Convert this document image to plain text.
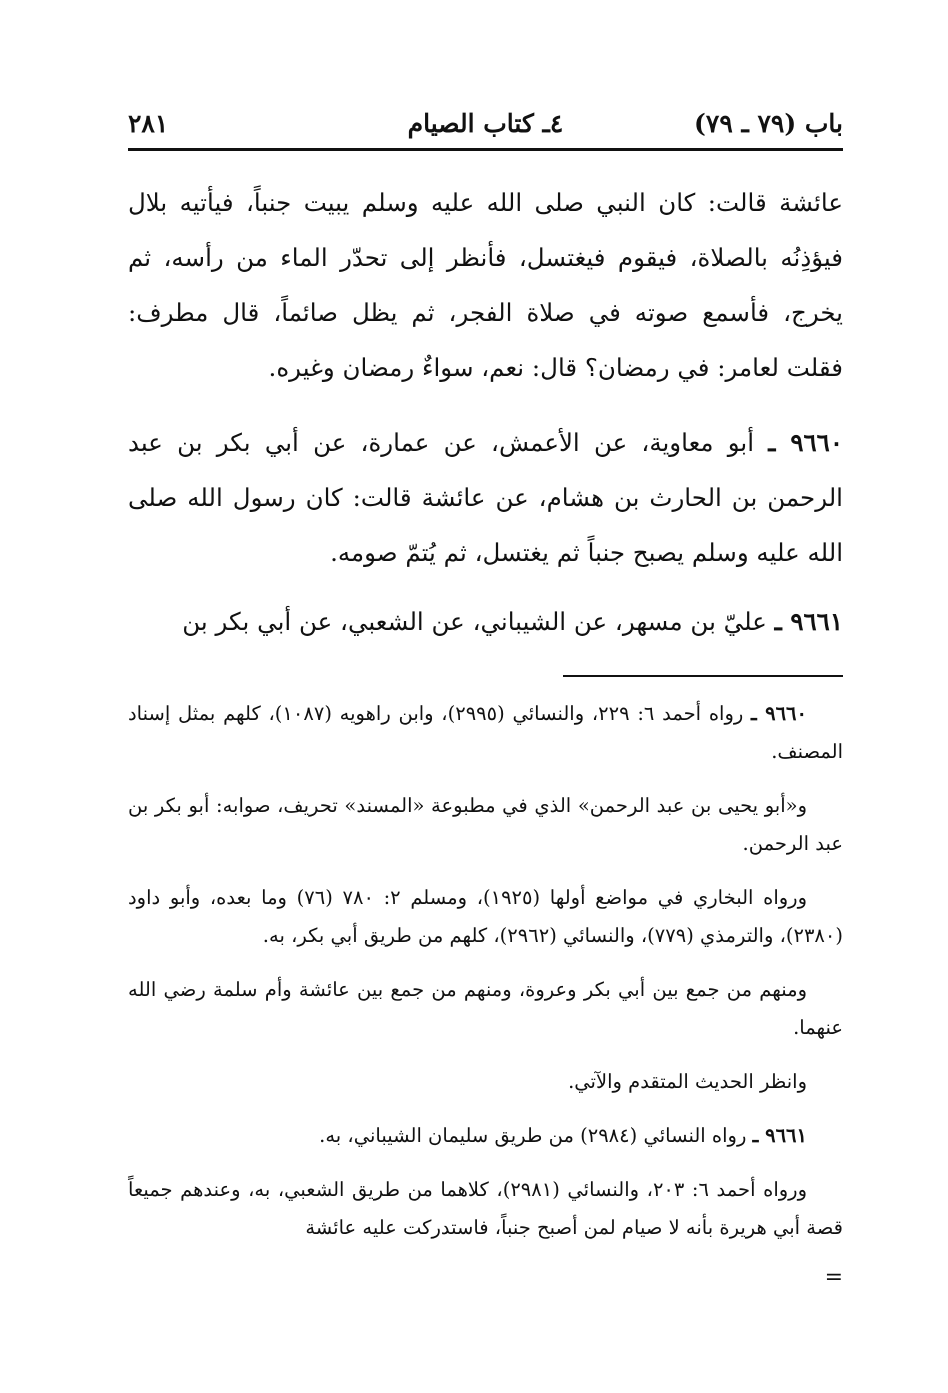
باب (٧٩ ـ ٧٩)
٤ـ كتاب الصيام
٢٨١

عائشة قالت: كان النبي صلى الله عليه وسلم يبيت جنباً، فيأتيه بلال فيؤذِنُه بالصلاة، فيقوم فيغتسل، فأنظر إلى تحدّر الماء من رأسه، ثم يخرج، فأسمع صوته في صلاة الفجر، ثم يظل صائماً، قال مطرف: فقلت لعامر: في رمضان؟ قال: نعم، سواءٌ رمضان وغيره.

٩٦٦٠ ـ أبو معاوية، عن الأعمش، عن عمارة، عن أبي بكر بن عبد الرحمن بن الحارث بن هشام، عن عائشة قالت: كان رسول الله صلى الله عليه وسلم يصبح جنباً ثم يغتسل، ثم يُتمّ صومه.

٩٦٦١ ـ عليّ بن مسهر، عن الشيباني، عن الشعبي، عن أبي بكر بن

٩٦٦٠ ـ رواه أحمد ٦: ٢٢٩، والنسائي (٢٩٩٥)، وابن راهويه (١٠٨٧)، كلهم بمثل إسناد المصنف.

و«أبو يحيى بن عبد الرحمن» الذي في مطبوعة «المسند» تحريف، صوابه: أبو بكر بن عبد الرحمن.

ورواه البخاري في مواضع أولها (١٩٢٥)، ومسلم ٢: ٧٨٠ (٧٦) وما بعده، وأبو داود (٢٣٨٠)، والترمذي (٧٧٩)، والنسائي (٢٩٦٢)، كلهم من طريق أبي بكر، به.

ومنهم من جمع بين أبي بكر وعروة، ومنهم من جمع بين عائشة وأم سلمة رضي الله عنهما.

وانظر الحديث المتقدم والآتي.

٩٦٦١ ـ رواه النسائي (٢٩٨٤) من طريق سليمان الشيباني، به.

ورواه أحمد ٦: ٢٠٣، والنسائي (٢٩٨١)، كلاهما من طريق الشعبي، به، وعندهم جميعاً قصة أبي هريرة بأنه لا صيام لمن أصبح جنباً، فاستدركت عليه عائشة

=
